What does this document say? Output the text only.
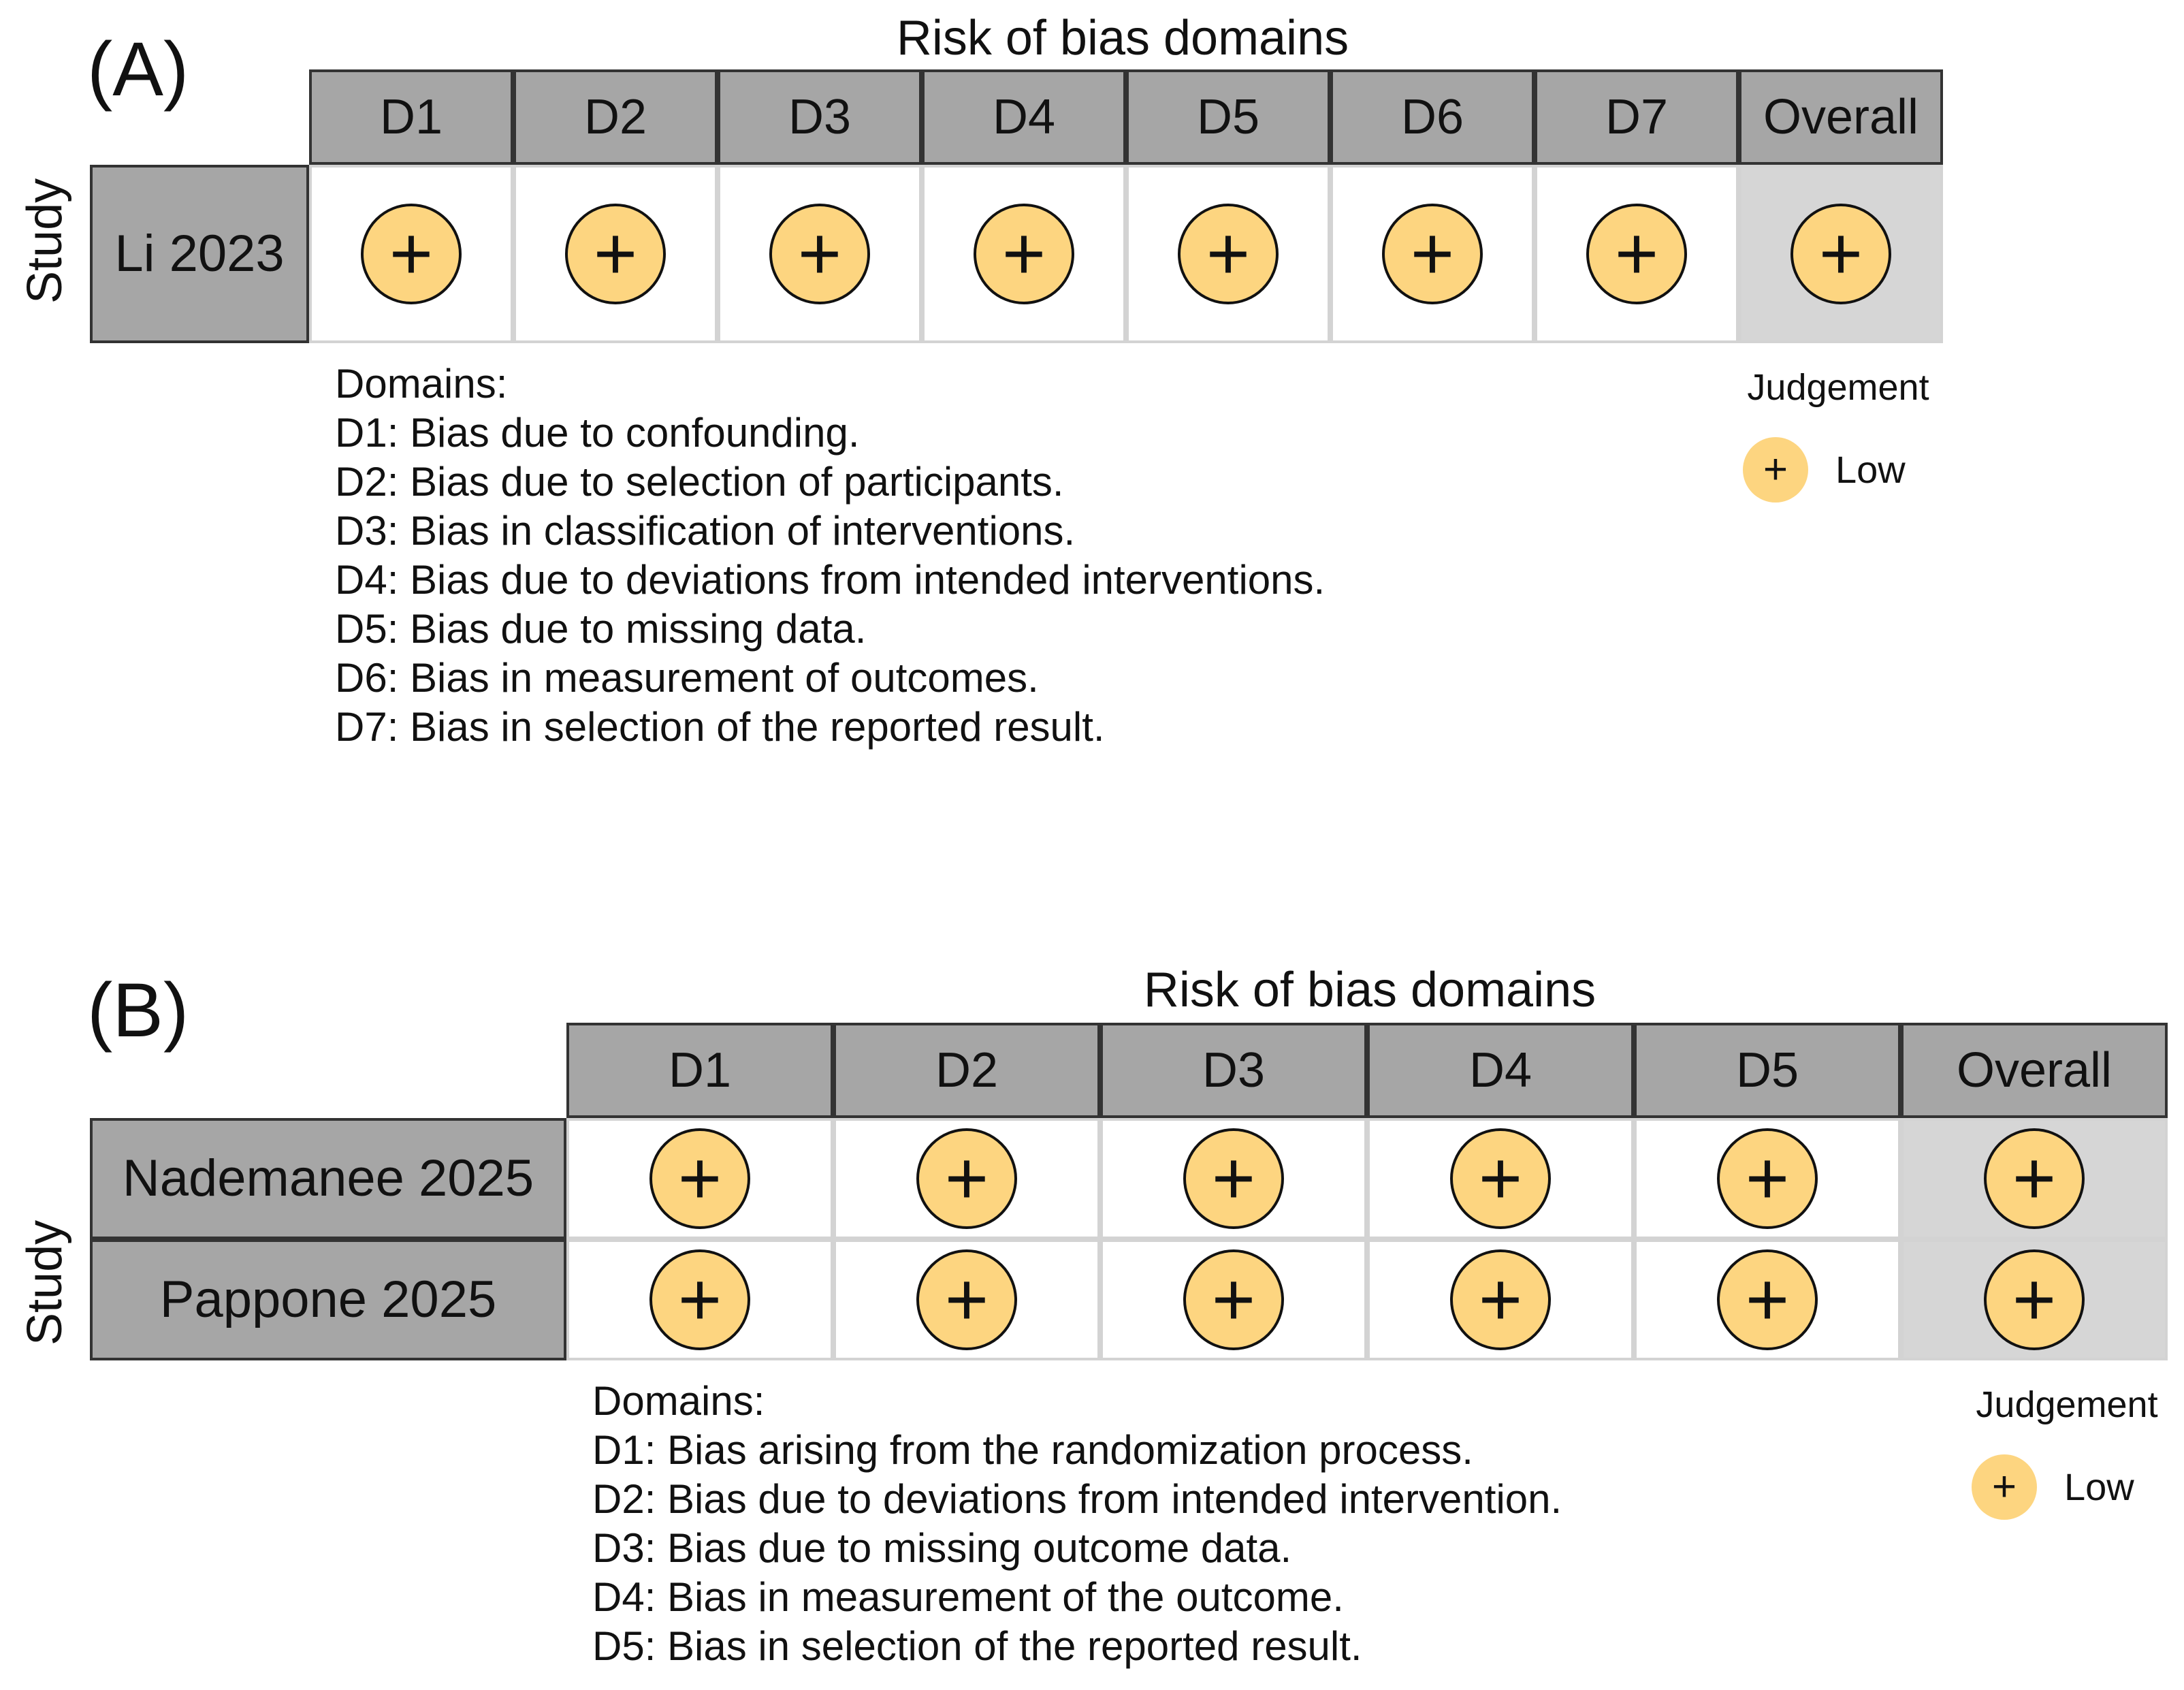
(A)	Risk of bias domains
Study
D1	D2	D3	D4	D5	D6	D7	Overall
Li 2023	+ + + + + + + +
Domains:
D1: Bias due to confounding.
D2: Bias due to selection of participants.
D3: Bias in classification of interventions.
D4: Bias due to deviations from intended interventions.
D5: Bias due to missing data.
D6: Bias in measurement of outcomes.
D7: Bias in selection of the reported result.
Judgement
+ Low
(B)	Risk of bias domains
Study
D1	D2	D3	D4	D5	Overall
Nademanee 2025	+	+	+	+	+	+
Pappone 2025	+	+	+	+	+	+
Domains:
D1: Bias arising from the randomization process.
D2: Bias due to deviations from intended intervention.
D3: Bias due to missing outcome data.
D4: Bias in measurement of the outcome.
D5: Bias in selection of the reported result.
Judgement
+ Low
